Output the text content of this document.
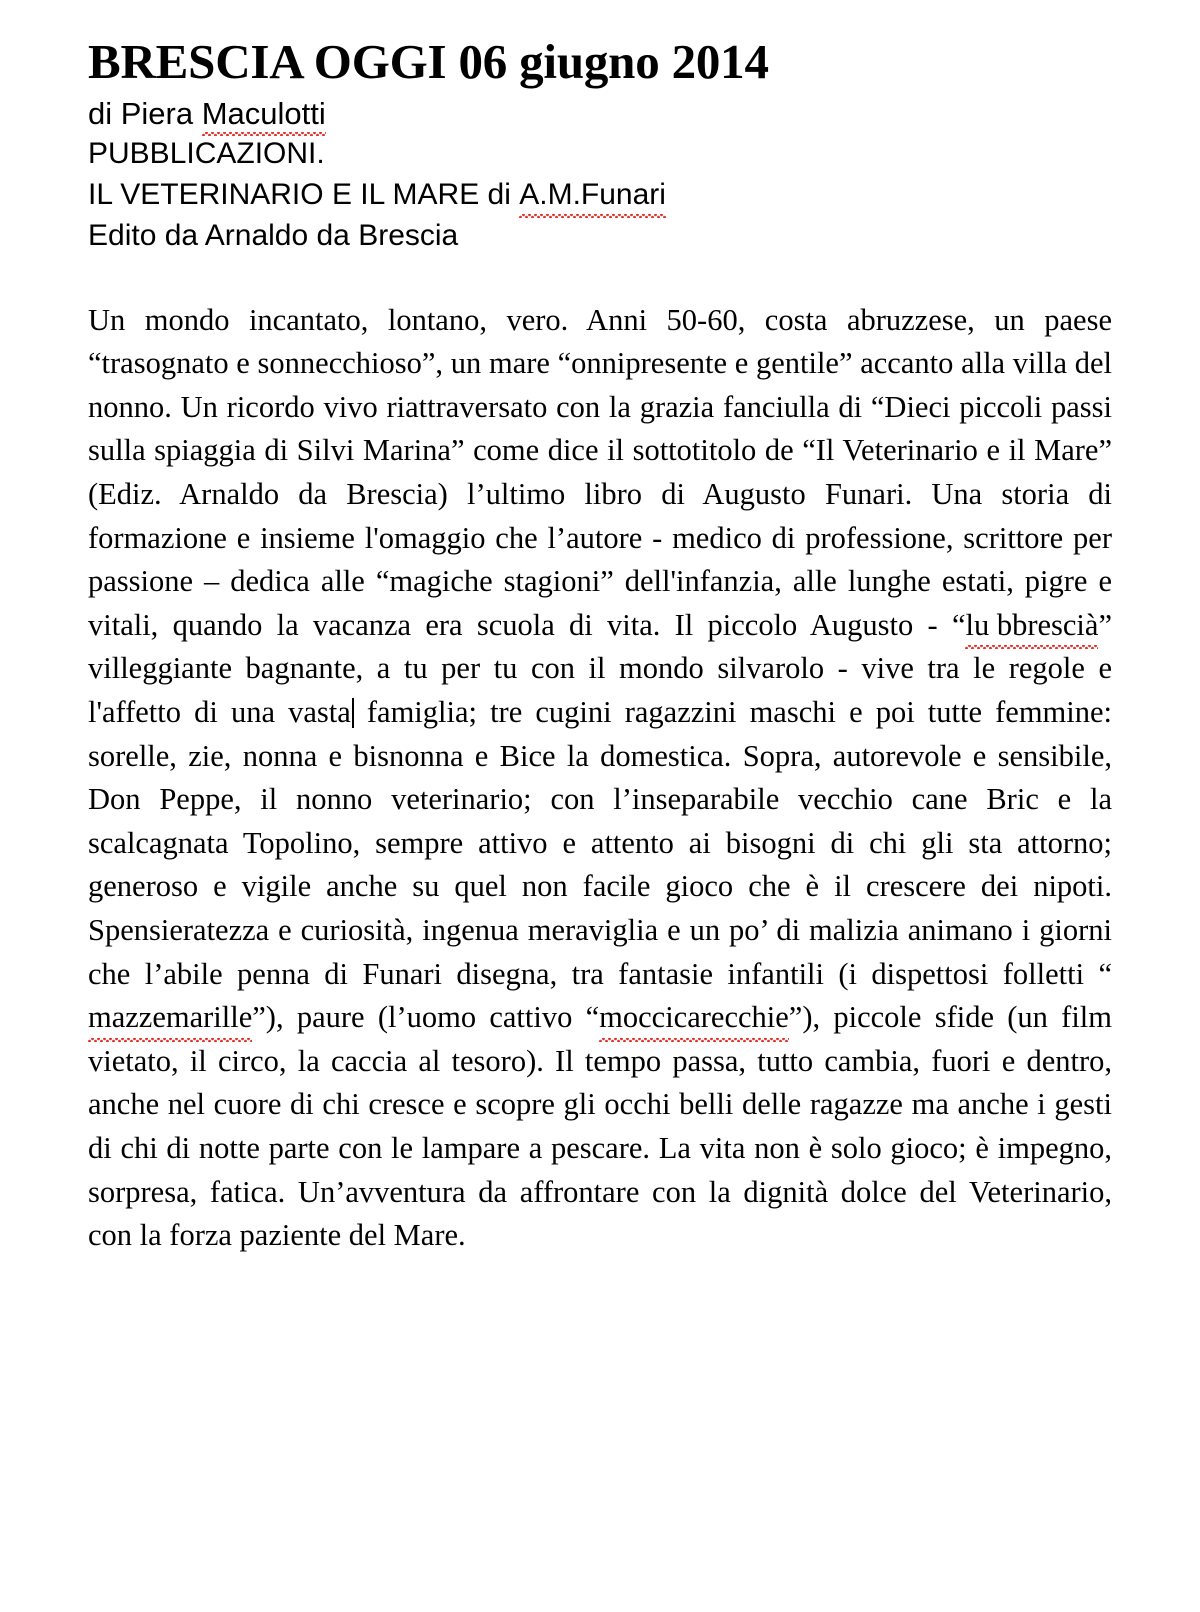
BRESCIA OGGI 06 giugno 2014
di Piera Maculotti
PUBBLICAZIONI.
IL VETERINARIO E IL MARE di A.M.Funari
Edito da Arnaldo da Brescia

Un mondo incantato, lontano, vero. Anni 50-60, costa abruzzese, un paese “trasognato e sonnecchioso”, un mare “onnipresente e gentile” accanto alla villa del nonno. Un ricordo vivo riattraversato con la grazia fanciulla di “Dieci piccoli passi sulla spiaggia di Silvi Marina” come dice il sottotitolo de “Il Veterinario e il Mare” (Ediz. Arnaldo da Brescia) l’ultimo libro di Augusto Funari. Una storia di formazione e insieme l'omaggio che l’autore - medico di professione, scrittore per passione – dedica alle “magiche stagioni” dell'infanzia, alle lunghe estati, pigre e vitali, quando la vacanza era scuola di vita. Il piccolo Augusto - “lu bbrescià” villeggiante bagnante, a tu per tu con il mondo silvarolo - vive tra le regole e l'affetto di una vasta famiglia; tre cugini ragazzini maschi e poi tutte femmine: sorelle, zie, nonna e bisnonna e Bice la domestica. Sopra, autorevole e sensibile, Don Peppe, il nonno veterinario; con l’inseparabile vecchio cane Bric e la scalcagnata Topolino, sempre attivo e attento ai bisogni di chi gli sta attorno; generoso e vigile anche su quel non facile gioco che è il crescere dei nipoti. Spensieratezza e curiosità, ingenua meraviglia e un po’ di malizia animano i giorni che l’abile penna di Funari disegna, tra fantasie infantili (i dispettosi folletti “mazzemarille”), paure (l’uomo cattivo “moccicarecchie”), piccole sfide (un film vietato, il circo, la caccia al tesoro). Il tempo passa, tutto cambia, fuori e dentro, anche nel cuore di chi cresce e scopre gli occhi belli delle ragazze ma anche i gesti di chi di notte parte con le lampare a pescare. La vita non è solo gioco; è impegno, sorpresa, fatica. Un’avventura da affrontare con la dignità dolce del Veterinario, con la forza paziente del Mare.
